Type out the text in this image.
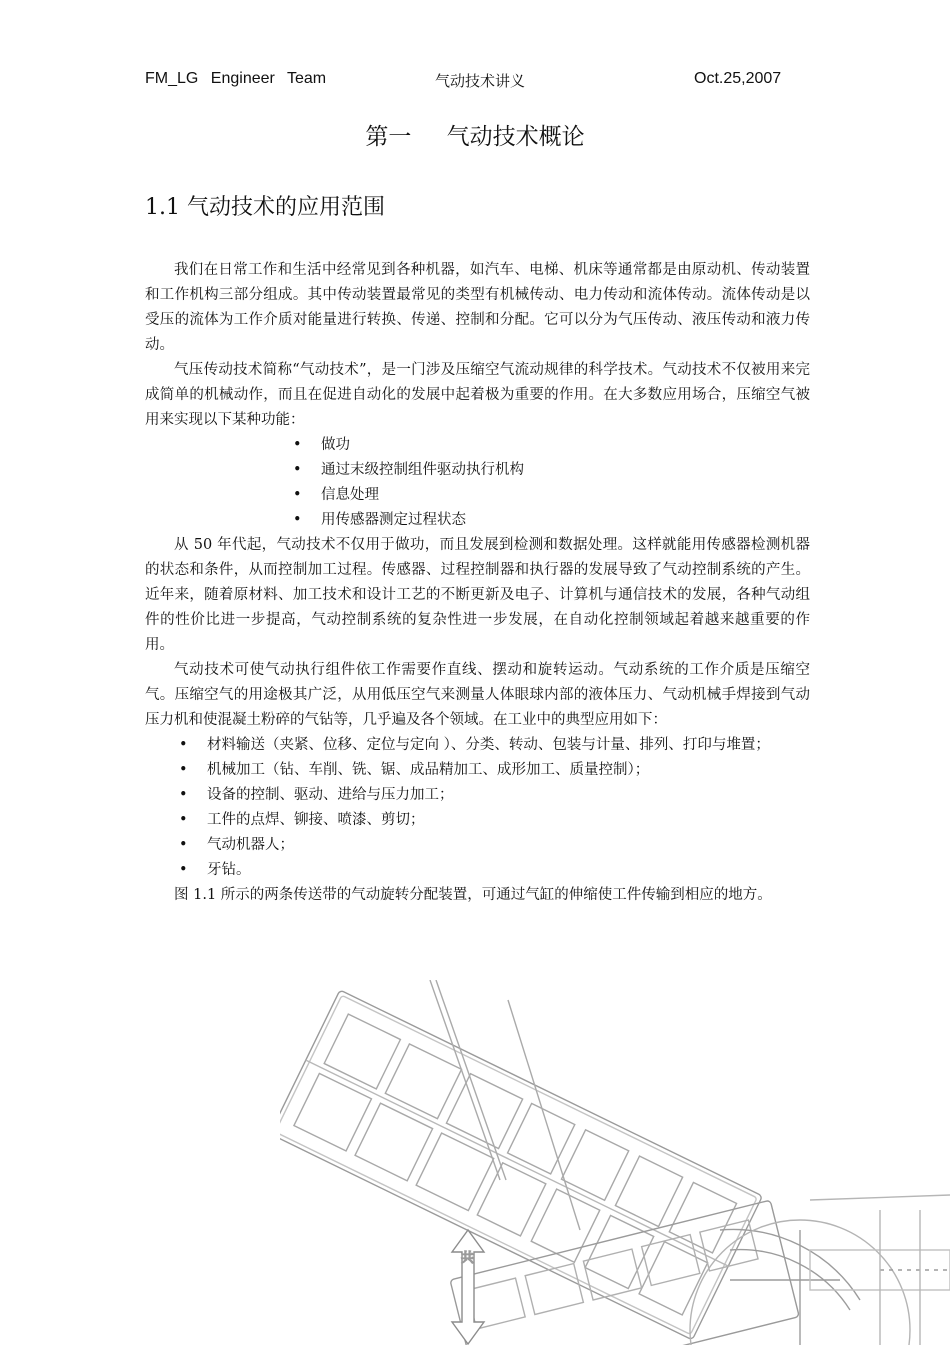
FM_LG Engineer Team	气动技术讲义	Oct.25,2007
第一 气动技术概论
1.1 气动技术的应用范围

我们在日常工作和生活中经常见到各种机器，如汽车、电梯、机床等通常都是由原动机、传动装置和工作机构三部分组成。其中传动装置最常见的类型有机械传动、电力传动和流体传动。流体传动是以受压的流体为工作介质对能量进行转换、传递、控制和分配。它可以分为气压传动、液压传动和液力传动。

气压传动技术简称“气动技术”，是一门涉及压缩空气流动规律的科学技术。气动技术不仅被用来完成简单的机械动作，而且在促进自动化的发展中起着极为重要的作用。在大多数应用场合，压缩空气被用来实现以下某种功能：

• 做功
• 通过末级控制组件驱动执行机构
• 信息处理
• 用传感器测定过程状态

从 50 年代起，气动技术不仅用于做功，而且发展到检测和数据处理。这样就能用传感器检测机器的状态和条件，从而控制加工过程。传感器、过程控制器和执行器的发展导致了气动控制系统的产生。近年来，随着原材料、加工技术和设计工艺的不断更新及电子、计算机与通信技术的发展，各种气动组件的性价比进一步提高，气动控制系统的复杂性进一步发展，在自动化控制领域起着越来越重要的作用。

气动技术可使气动执行组件依工作需要作直线、摆动和旋转运动。气动系统的工作介质是压缩空气。压缩空气的用途极其广泛，从用低压空气来测量人体眼球内部的液体压力、气动机械手焊接到气动压力机和使混凝土粉碎的气钻等，几乎遍及各个领域。在工业中的典型应用如下：

• 材料输送（夹紧、位移、定位与定向 ）、分类、转动、包装与计量、排列、打印与堆置；
• 机械加工（钻、车削、铣、锯、成品精加工、成形加工、质量控制）；
• 设备的控制、驱动、进给与压力加工；
• 工件的点焊、铆接、喷漆、剪切；
• 气动机器人；
• 牙钻。

图 1.1 所示的两条传送带的气动旋转分配装置，可通过气缸的伸缩使工件传输到相应的地方。

共
